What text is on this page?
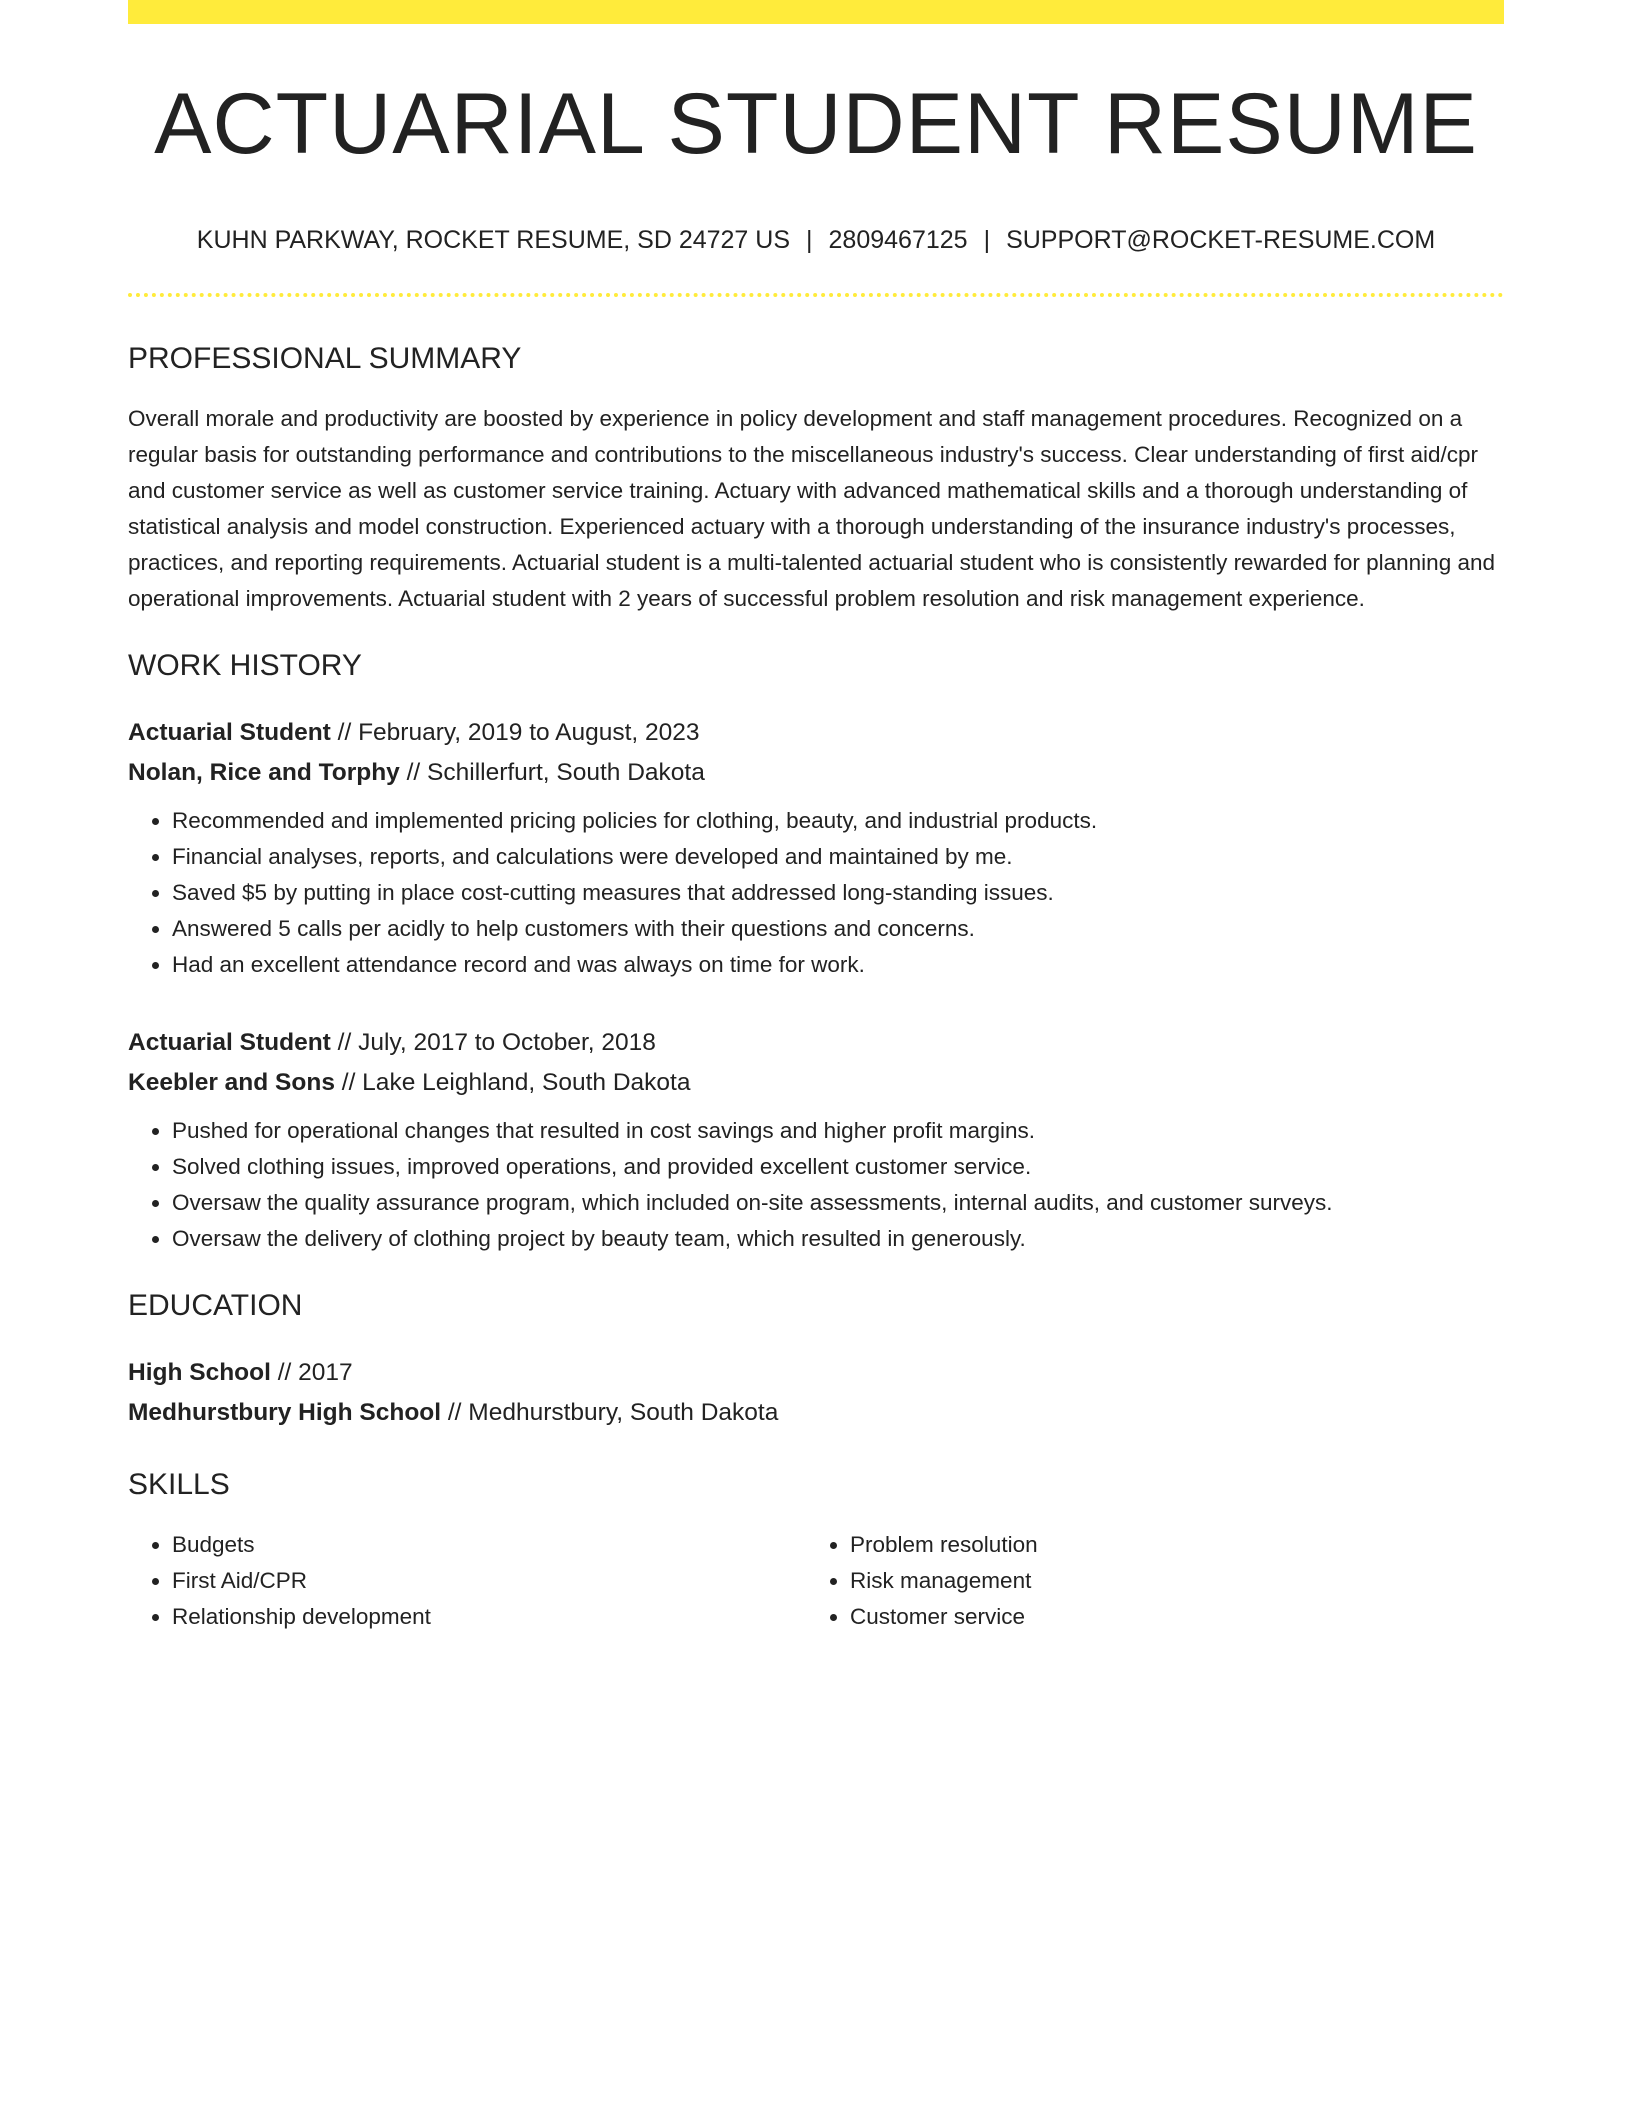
ACTUARIAL STUDENT RESUME
KUHN PARKWAY, ROCKET RESUME, SD 24727 US | 2809467125 | SUPPORT@ROCKET-RESUME.COM
PROFESSIONAL SUMMARY
Overall morale and productivity are boosted by experience in policy development and staff management procedures. Recognized on a regular basis for outstanding performance and contributions to the miscellaneous industry's success. Clear understanding of first aid/cpr and customer service as well as customer service training. Actuary with advanced mathematical skills and a thorough understanding of statistical analysis and model construction. Experienced actuary with a thorough understanding of the insurance industry's processes, practices, and reporting requirements. Actuarial student is a multi-talented actuarial student who is consistently rewarded for planning and operational improvements. Actuarial student with 2 years of successful problem resolution and risk management experience.
WORK HISTORY
Actuarial Student // February, 2019 to August, 2023
Nolan, Rice and Torphy // Schillerfurt, South Dakota
• Recommended and implemented pricing policies for clothing, beauty, and industrial products.
• Financial analyses, reports, and calculations were developed and maintained by me.
• Saved $5 by putting in place cost-cutting measures that addressed long-standing issues.
• Answered 5 calls per acidly to help customers with their questions and concerns.
• Had an excellent attendance record and was always on time for work.
Actuarial Student // July, 2017 to October, 2018
Keebler and Sons // Lake Leighland, South Dakota
• Pushed for operational changes that resulted in cost savings and higher profit margins.
• Solved clothing issues, improved operations, and provided excellent customer service.
• Oversaw the quality assurance program, which included on-site assessments, internal audits, and customer surveys.
• Oversaw the delivery of clothing project by beauty team, which resulted in generously.
EDUCATION
High School // 2017
Medhurstbury High School // Medhurstbury, South Dakota
SKILLS
• Budgets
• First Aid/CPR
• Relationship development
• Problem resolution
• Risk management
• Customer service
